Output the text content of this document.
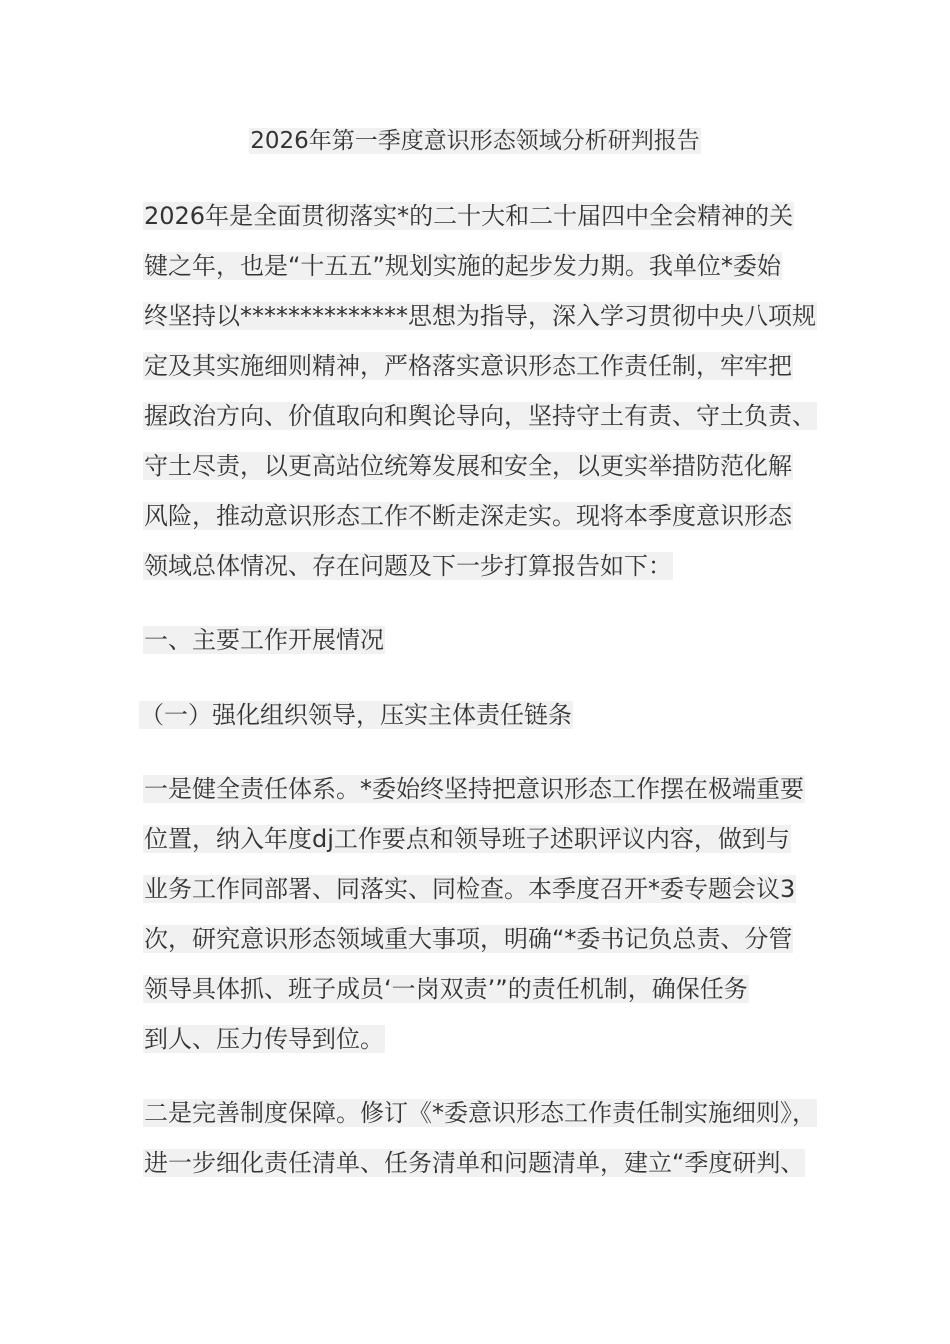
2026年第一季度意识形态领域分析研判报告
2026年是全面贯彻落实*的二十大和二十届四中全会精神的关
键之年，也是“十五五”规划实施的起步发力期。我单位*委始
终坚持以**************思想为指导，深入学习贯彻中央八项规
定及其实施细则精神，严格落实意识形态工作责任制，牢牢把
握政治方向、价值取向和舆论导向，坚持守土有责、守土负责、
守土尽责，以更高站位统筹发展和安全，以更实举措防范化解
风险，推动意识形态工作不断走深走实。现将本季度意识形态
领域总体情况、存在问题及下一步打算报告如下：
一、主要工作开展情况
（一）强化组织领导，压实主体责任链条
一是健全责任体系。*委始终坚持把意识形态工作摆在极端重要
位置，纳入年度dj工作要点和领导班子述职评议内容，做到与
业务工作同部署、同落实、同检查。本季度召开*委专题会议3
次，研究意识形态领域重大事项，明确“*委书记负总责、分管
领导具体抓、班子成员‘一岗双责’”的责任机制，确保任务
到人、压力传导到位。
二是完善制度保障。修订《*委意识形态工作责任制实施细则》，
进一步细化责任清单、任务清单和问题清单，建立“季度研判、
